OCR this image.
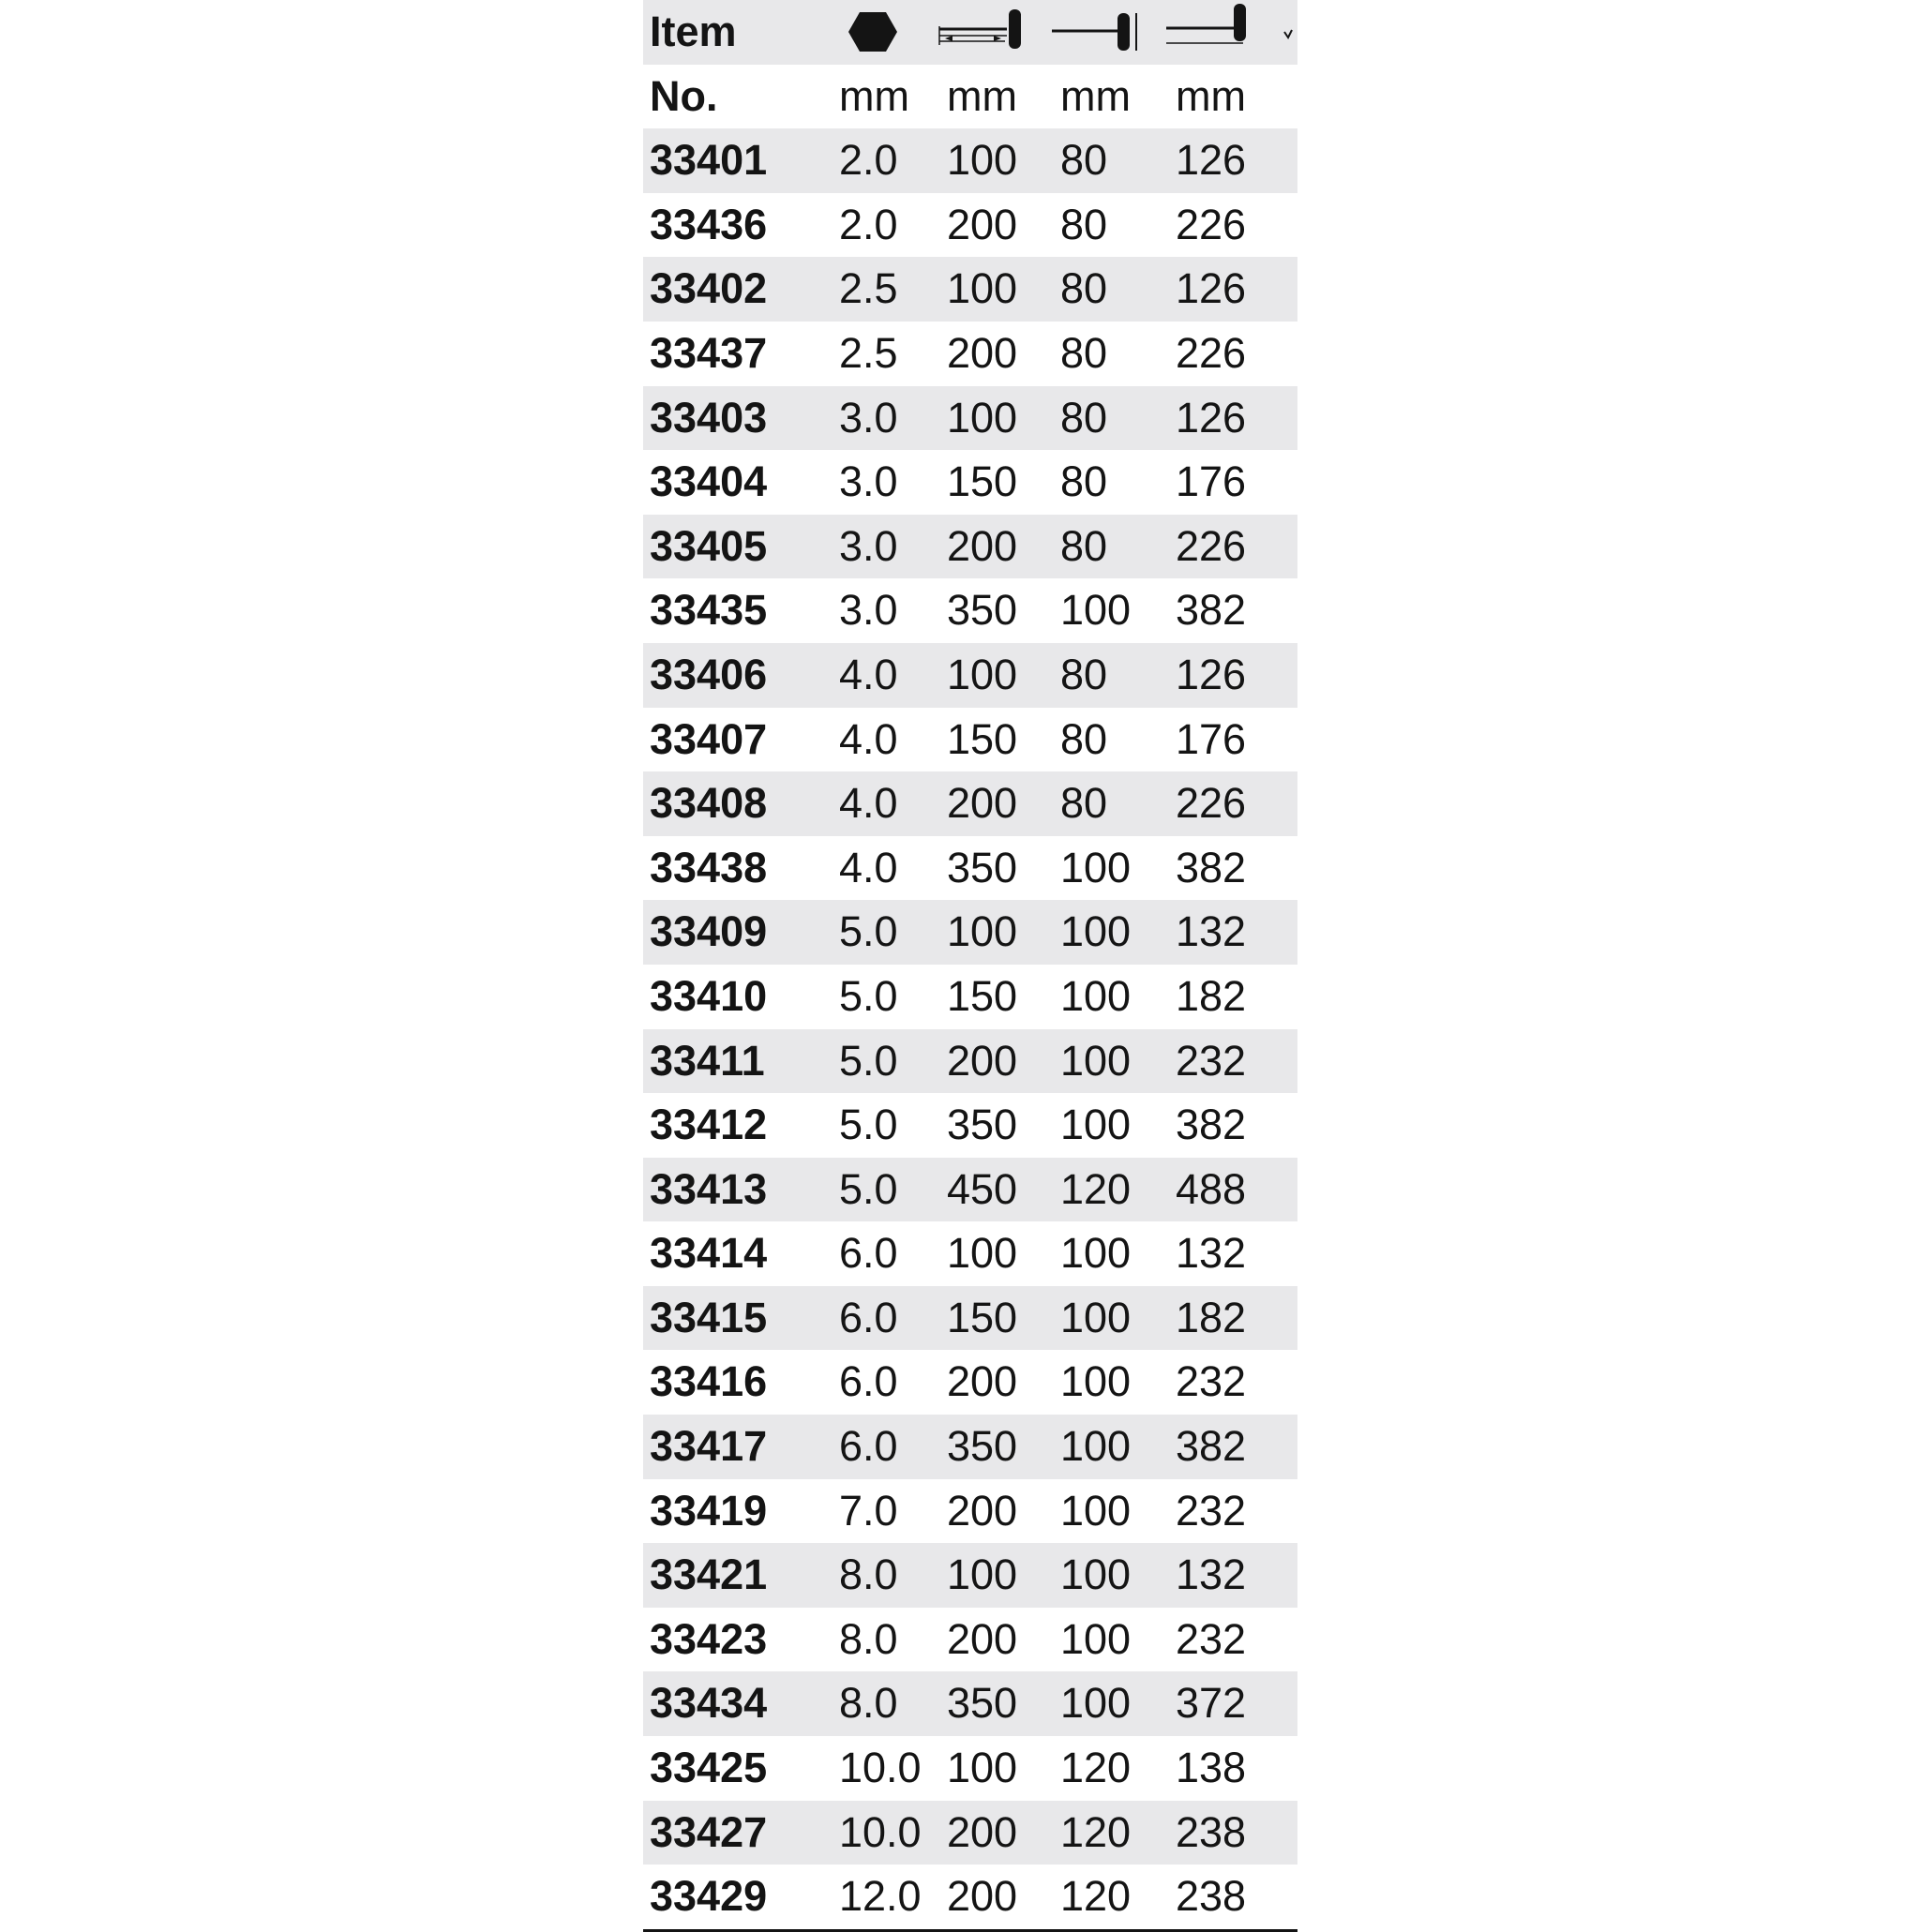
Item
No.	mm mm mm mm
33401 2.0 100 80 126
33436 2.0 200 80 226
33402 2.5 100 80 126
33437 2.5 200 80 226
33403 3.0 100 80 126
33404 3.0 150 80 176
33405 3.0 200 80 226
33435 3.0 350 100 382
33406 4.0 100 80 126
33407 4.0 150 80 176
33408 4.0 200 80 226
33438 4.0 350 100 382
33409 5.0 100 100 132
33410 5.0 150 100 182
33411 5.0 200 100 232
33412 5.0 350 100 382
33413 5.0 450 120 488
33414 6.0 100 100 132
33415 6.0 150 100 182
33416 6.0 200 100 232
33417 6.0 350 100 382
33419 7.0 200 100 232
33421 8.0 100 100 132
33423 8.0 200 100 232
33434 8.0 350 100 372
33425 10.0 100 120 138
33427 10.0 200 120 238
33429 12.0 200 120 238
